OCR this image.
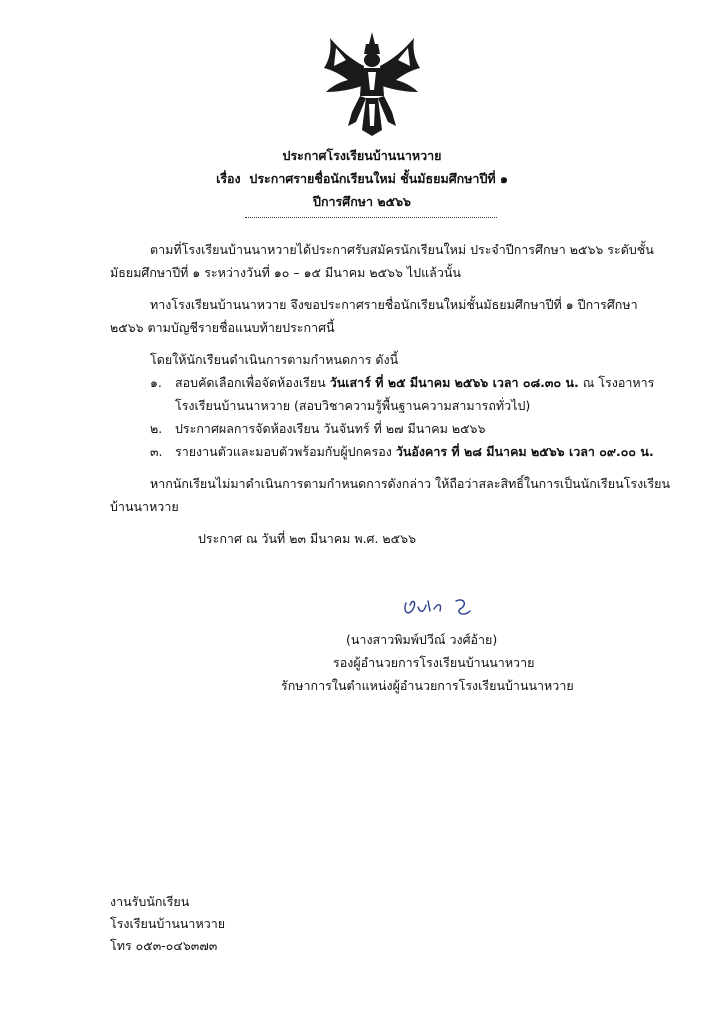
ประกาศโรงเรียนบ้านนาหวาย
เรื่อง ประกาศรายชื่อนักเรียนใหม่ ชั้นมัธยมศึกษาปีที่ ๑
ปีการศึกษา ๒๕๖๖
ตามที่โรงเรียนบ้านนาหวายได้ประกาศรับสมัครนักเรียนใหม่ ประจำปีการศึกษา ๒๕๖๖ ระดับชั้น
มัธยมศึกษาปีที่ ๑ ระหว่างวันที่ ๑๐ – ๑๕ มีนาคม ๒๕๖๖ ไปแล้วนั้น
ทางโรงเรียนบ้านนาหวาย จึงขอประกาศรายชื่อนักเรียนใหม่ชั้นมัธยมศึกษาปีที่ ๑ ปีการศึกษา
๒๕๖๖ ตามบัญชีรายชื่อแนบท้ายประกาศนี้
โดยให้นักเรียนดำเนินการตามกำหนดการ ดังนี้
๑. สอบคัดเลือกเพื่อจัดห้องเรียน วันเสาร์ ที่ ๒๕ มีนาคม ๒๕๖๖ เวลา ๐๘.๓๐ น. ณ โรงอาหาร
โรงเรียนบ้านนาหวาย (สอบวิชาความรู้พื้นฐานความสามารถทั่วไป)
๒. ประกาศผลการจัดห้องเรียน วันจันทร์ ที่ ๒๗ มีนาคม ๒๕๖๖
๓. รายงานตัวและมอบตัวพร้อมกับผู้ปกครอง วันอังคาร ที่ ๒๘ มีนาคม ๒๕๖๖ เวลา ๐๙.๐๐ น.
หากนักเรียนไม่มาดำเนินการตามกำหนดการดังกล่าว ให้ถือว่าสละสิทธิ์ในการเป็นนักเรียนโรงเรียน
บ้านนาหวาย
ประกาศ ณ วันที่ ๒๓ มีนาคม พ.ศ. ๒๕๖๖
(นางสาวพิมพ์ปวีณ์ วงศ์อ้าย)
รองผู้อำนวยการโรงเรียนบ้านนาหวาย
รักษาการในตำแหน่งผู้อำนวยการโรงเรียนบ้านนาหวาย
งานรับนักเรียน
โรงเรียนบ้านนาหวาย
โทร ๐๕๓-๐๔๖๓๗๓
